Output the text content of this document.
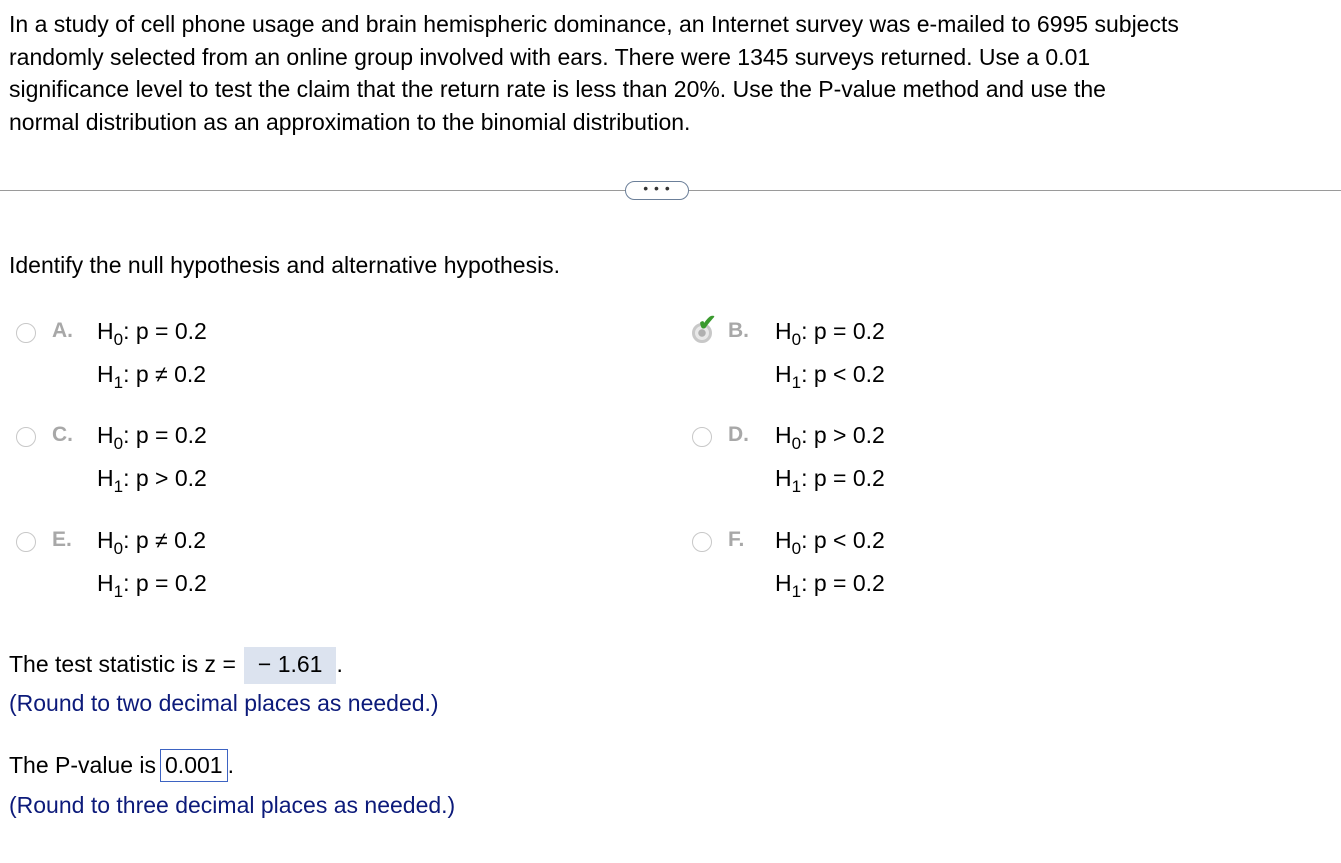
In a study of cell phone usage and brain hemispheric dominance, an Internet survey was e-mailed to 6995 subjects
randomly selected from an online group involved with ears. There were 1345 surveys returned. Use a 0.01
significance level to test the claim that the return rate is less than 20%. Use the P-value method and use the
normal distribution as an approximation to the binomial distribution.
• • •
Identify the null hypothesis and alternative hypothesis.
A. $H_0$: p = 0.2
$H_1$: p ≠ 0.2
✔ B. $H_0$: p = 0.2
$H_1$: p < 0.2
C. $H_0$: p = 0.2
$H_1$: p > 0.2
D. $H_0$: p > 0.2
$H_1$: p = 0.2
E. $H_0$: p ≠ 0.2
$H_1$: p = 0.2
F. $H_0$: p < 0.2
$H_1$: p = 0.2
The test statistic is z = − 1.61 .
(Round to two decimal places as needed.)
The P-value is 0.001 .
(Round to three decimal places as needed.)
